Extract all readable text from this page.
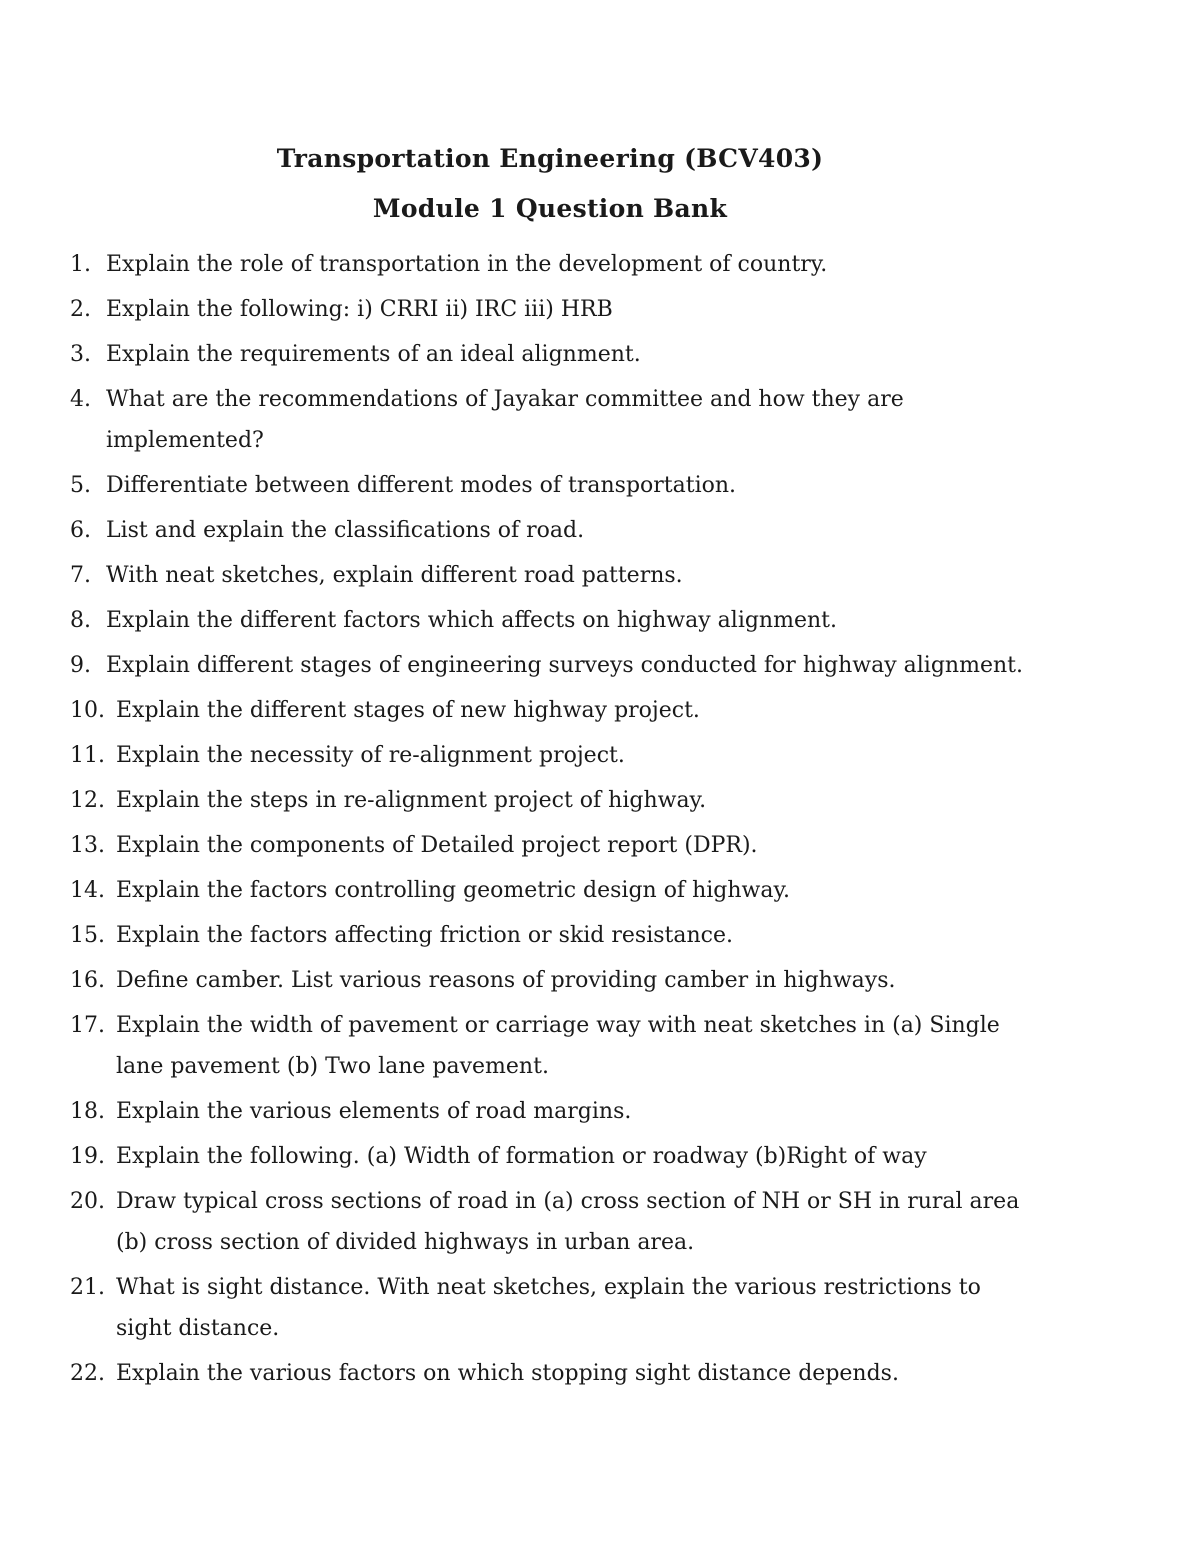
Transportation Engineering (BCV403)
Module 1 Question Bank
1. Explain the role of transportation in the development of country.
2. Explain the following: i) CRRI ii) IRC iii) HRB
3. Explain the requirements of an ideal alignment.
4. What are the recommendations of Jayakar committee and how they are
implemented?
5. Differentiate between different modes of transportation.
6. List and explain the classifications of road.
7. With neat sketches, explain different road patterns.
8. Explain the different factors which affects on highway alignment.
9. Explain different stages of engineering surveys conducted for highway alignment.
10. Explain the different stages of new highway project.
11. Explain the necessity of re-alignment project.
12. Explain the steps in re-alignment project of highway.
13. Explain the components of Detailed project report (DPR).
14. Explain the factors controlling geometric design of highway.
15. Explain the factors affecting friction or skid resistance.
16. Define camber. List various reasons of providing camber in highways.
17. Explain the width of pavement or carriage way with neat sketches in (a) Single
lane pavement (b) Two lane pavement.
18. Explain the various elements of road margins.
19. Explain the following. (a) Width of formation or roadway (b)Right of way
20. Draw typical cross sections of road in (a) cross section of NH or SH in rural area
(b) cross section of divided highways in urban area.
21. What is sight distance. With neat sketches, explain the various restrictions to
sight distance.
22. Explain the various factors on which stopping sight distance depends.
